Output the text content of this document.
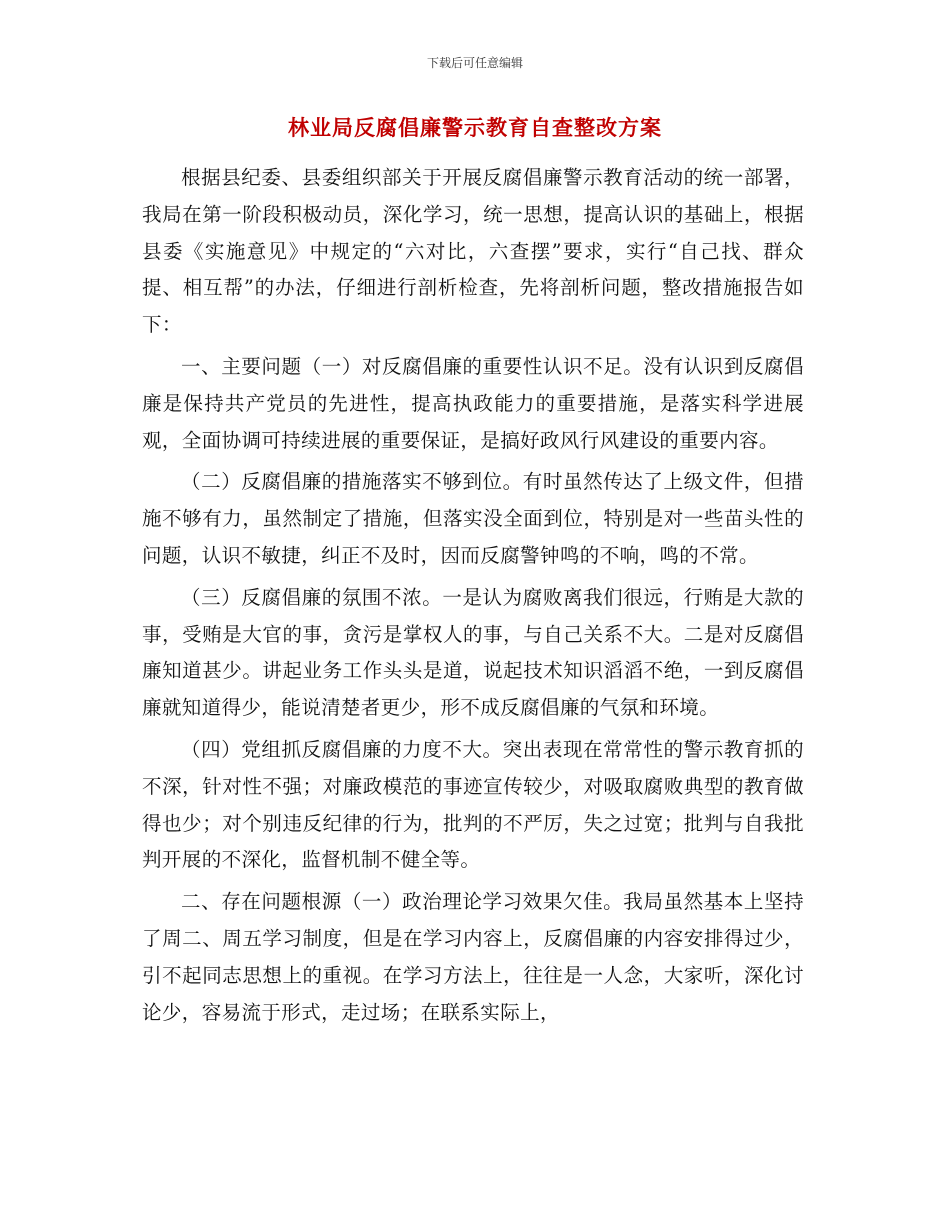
下载后可任意编辑
林业局反腐倡廉警示教育自查整改方案

根据县纪委、县委组织部关于开展反腐倡廉警示教育活动的统一部署，我局在第一阶段积极动员，深化学习，统一思想，提高认识的基础上，根据县委《实施意见》中规定的“六对比，六查摆”要求，实行“自己找、群众提、相互帮”的办法，仔细进行剖析检查，先将剖析问题，整改措施报告如下：

一、主要问题（一）对反腐倡廉的重要性认识不足。没有认识到反腐倡廉是保持共产党员的先进性，提高执政能力的重要措施，是落实科学进展观，全面协调可持续进展的重要保证，是搞好政风行风建设的重要内容。

（二）反腐倡廉的措施落实不够到位。有时虽然传达了上级文件，但措施不够有力，虽然制定了措施，但落实没全面到位，特别是对一些苗头性的问题，认识不敏捷，纠正不及时，因而反腐警钟鸣的不响，鸣的不常。

（三）反腐倡廉的氛围不浓。一是认为腐败离我们很远，行贿是大款的事，受贿是大官的事，贪污是掌权人的事，与自己关系不大。二是对反腐倡廉知道甚少。讲起业务工作头头是道，说起技术知识滔滔不绝，一到反腐倡廉就知道得少，能说清楚者更少，形不成反腐倡廉的气氛和环境。

（四）党组抓反腐倡廉的力度不大。突出表现在常常性的警示教育抓的不深，针对性不强；对廉政模范的事迹宣传较少，对吸取腐败典型的教育做得也少；对个别违反纪律的行为，批判的不严厉，失之过宽；批判与自我批判开展的不深化，监督机制不健全等。

二、存在问题根源（一）政治理论学习效果欠佳。我局虽然基本上坚持了周二、周五学习制度，但是在学习内容上，反腐倡廉的内容安排得过少，引不起同志思想上的重视。在学习方法上，往往是一人念，大家听，深化讨论少，容易流于形式，走过场；在联系实际上，
